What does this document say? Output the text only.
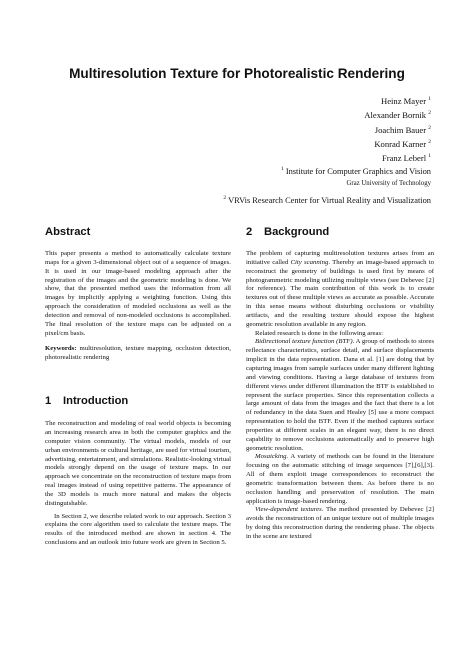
Multiresolution Texture for Photorealistic Rendering
Heinz Mayer $^1$
Alexander Bornik $^2$
Joachim Bauer $^2$
Konrad Karner $^2$
Franz Leberl $^1$
$^1$ Institute for Computer Graphics and Vision
Graz University of Technology
$^2$ VRVis Research Center for Virtual Reality and Visualization
Abstract

This paper presents a method to automatically calculate texture maps for a given 3-dimensional object out of a sequence of images. It is used in our image-based modeling approach after the registration of the images and the geometric modeling is done. We show, that the presented method uses the information from all images by implicitly applying a weighting function. Using this approach the consideration of modeled occlusions as well as the detection and removal of non-modeled occlusions is accomplished. The final resolution of the texture maps can be adjusted on a pixel/cm basis.

Keywords: multiresolution, texture mapping, occlusion detection, photorealistic rendering

1 Introduction

The reconstruction and modeling of real world objects is becoming an increasing research area in both the computer graphics and the computer vision community. The virtual models, models of our urban environments or cultural heritage, are used for virtual tourism, advertising, entertainment, and simulations. Realistic-looking virtual models strongly depend on the usage of texture maps. In our approach we concentrate on the reconstruction of texture maps from real images instead of using repetitive patterns. The appearance of the 3D models is much more natural and makes the objects distinguishable.

In Section 2, we describe related work to our approach. Section 3 explains the core algorithm used to calculate the texture maps. The results of the introduced method are shown in section 4. The conclusions and an outlook into future work are given in Section 5.

2 Background

The problem of capturing multiresolution textures arises from an initiative called City scanning. Thereby an image-based approach to reconstruct the geometry of buildings is used first by means of photogrammetric modeling utilizing multiple views (see Debevec [2] for reference). The main contribution of this work is to create textures out of these multiple views as accurate as possible. Accurate in this sense means without disturbing occlusions or visibility artifacts, and the resulting texture should expose the highest geometric resolution available in any region.

Related research is done in the following areas:

Bidirectional texture function (BTF). A group of methods to stores reflectance characteristics, surface detail, and surface displacements implicit in the data representation. Dana et al. [1] are doing that by capturing images from sample surfaces under many different lighting and viewing conditions. Having a large database of textures from different views under different illumination the BTF is established to represent the surface properties. Since this representation collects a large amount of data from the images and the fact that there is a lot of redundancy in the data Suen and Healey [5] use a more compact representation to hold the BTF. Even if the method captures surface properties at different scales in an elegant way, there is no direct capability to remove occlusions automatically and to preserve high geometric resolution.

Mosaicking. A variety of methods can be found in the literature focusing on the automatic stitching of image sequences [7],[6],[3]. All of them exploit image correspondences to reconstruct the geometric transformation between them. As before there is no occlusion handling and preservation of resolution. The main application is image-based rendering.

View-dependent textures. The method presented by Debevec [2] avoids the reconstruction of an unique texture out of multiple images by doing this reconstruction during the rendering phase. The objects in the scene are textured
